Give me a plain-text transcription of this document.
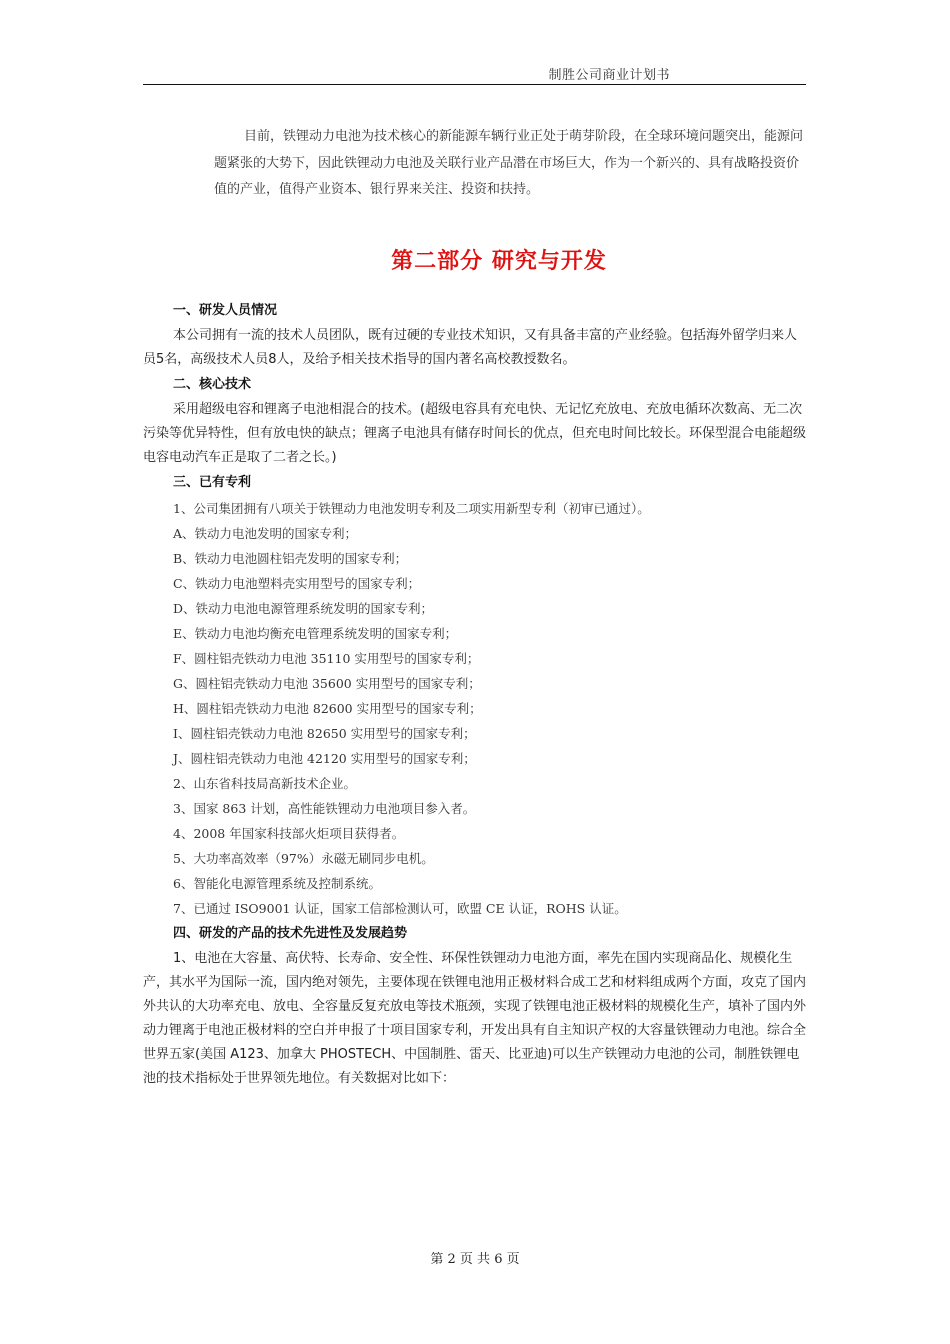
制胜公司商业计划书

目前，铁锂动力电池为技术核心的新能源车辆行业正处于萌芽阶段，在全球环境问题突出，能源问题紧张的大势下，因此铁锂动力电池及关联行业产品潜在市场巨大，作为一个新兴的、具有战略投资价值的产业，值得产业资本、银行界来关注、投资和扶持。

第二部分 研究与开发

一、研发人员情况

本公司拥有一流的技术人员团队，既有过硬的专业技术知识，又有具备丰富的产业经验。包括海外留学归来人员5名，高级技术人员8人，及给予相关技术指导的国内著名高校教授数名。

二、核心技术

采用超级电容和锂离子电池相混合的技术。(超级电容具有充电快、无记忆充放电、充放电循环次数高、无二次污染等优异特性，但有放电快的缺点；锂离子电池具有储存时间长的优点，但充电时间比较长。环保型混合电能超级电容电动汽车正是取了二者之长。)

三、已有专利

1、公司集团拥有八项关于铁锂动力电池发明专利及二项实用新型专利（初审已通过）。

A、铁动力电池发明的国家专利；

B、铁动力电池圆柱铝壳发明的国家专利；

C、铁动力电池塑料壳实用型号的国家专利；

D、铁动力电池电源管理系统发明的国家专利；

E、铁动力电池均衡充电管理系统发明的国家专利；

F、圆柱铝壳铁动力电池 35110 实用型号的国家专利；

G、圆柱铝壳铁动力电池 35600 实用型号的国家专利；

H、圆柱铝壳铁动力电池 82600 实用型号的国家专利；

I、圆柱铝壳铁动力电池 82650 实用型号的国家专利；

J、圆柱铝壳铁动力电池 42120 实用型号的国家专利；

2、山东省科技局高新技术企业。

3、国家 863 计划，高性能铁锂动力电池项目参入者。

4、2008 年国家科技部火炬项目获得者。

5、大功率高效率（97%）永磁无刷同步电机。

6、智能化电源管理系统及控制系统。

7、已通过 ISO9001 认证，国家工信部检测认可，欧盟 CE 认证，ROHS 认证。

四、研发的产品的技术先进性及发展趋势

1、电池在大容量、高伏特、长寿命、安全性、环保性铁锂动力电池方面，率先在国内实现商品化、规模化生产，其水平为国际一流，国内绝对领先，主要体现在铁锂电池用正极材料合成工艺和材料组成两个方面，攻克了国内外共认的大功率充电、放电、全容量反复充放电等技术瓶颈，实现了铁锂电池正极材料的规模化生产，填补了国内外动力锂离于电池正极材料的空白并申报了十项目国家专利，开发出具有自主知识产权的大容量铁锂动力电池。综合全世界五家(美国 A123、加拿大 PHOSTECH、中国制胜、雷天、比亚迪)可以生产铁锂动力电池的公司，制胜铁锂电池的技术指标处于世界领先地位。有关数据对比如下：

第 2 页 共 6 页
